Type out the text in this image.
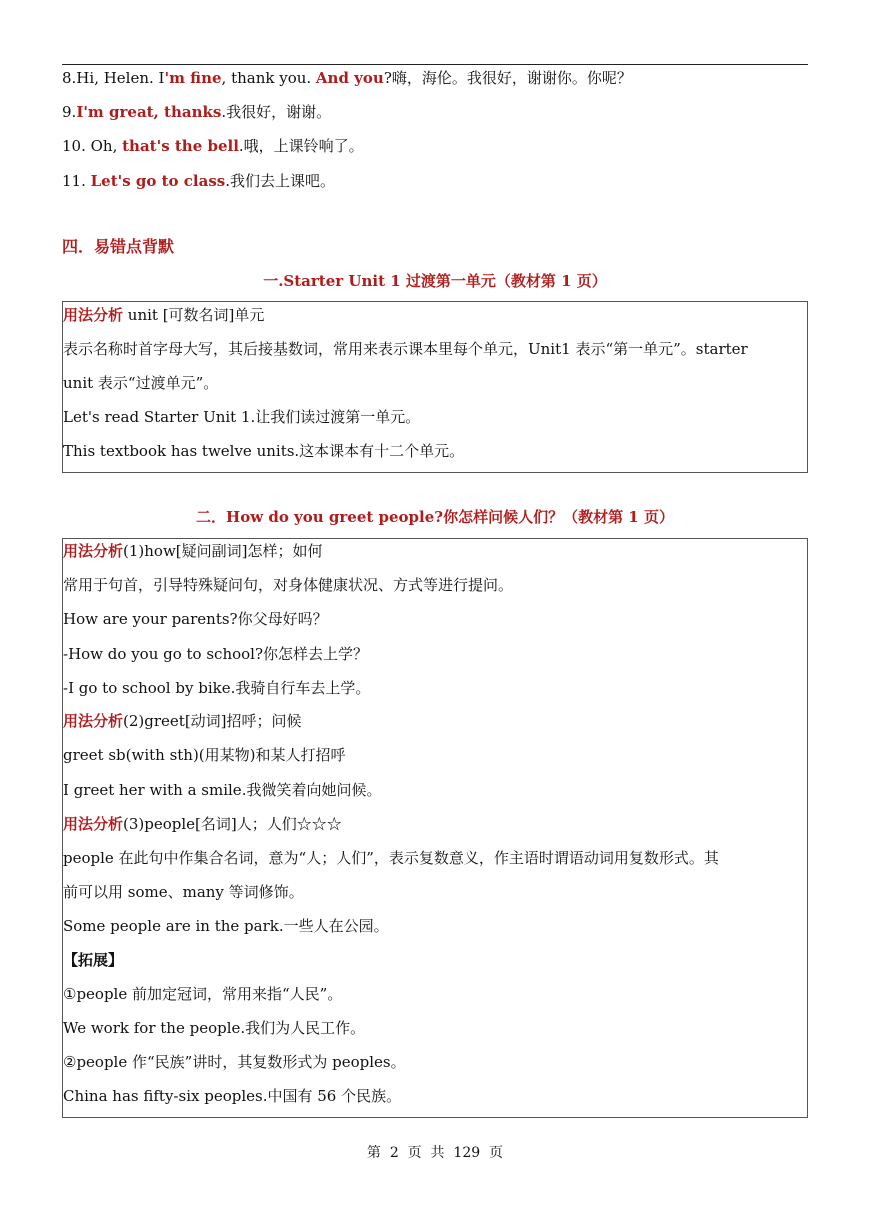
8.Hi, Helen. I'm fine, thank you. And you?嗨，海伦。我很好，谢谢你。你呢？
9.I'm great, thanks.我很好，谢谢。
10. Oh, that's the bell.哦，上课铃响了。
11. Let's go to class.我们去上课吧。
四．易错点背默
一.Starter Unit 1 过渡第一单元（教材第 1 页）
用法分析 unit [可数名词]单元
表示名称时首字母大写，其后接基数词，常用来表示课本里每个单元，Unit1 表示“第一单元”。starter
unit 表示“过渡单元”。
Let's read Starter Unit 1.让我们读过渡第一单元。
This textbook has twelve units.这本课本有十二个单元。
二．How do you greet people?你怎样问候人们？（教材第 1 页）
用法分析(1)how[疑问副词]怎样；如何
常用于句首，引导特殊疑问句，对身体健康状况、方式等进行提问。
How are your parents?你父母好吗？
-How do you go to school?你怎样去上学？
-I go to school by bike.我骑自行车去上学。
用法分析(2)greet[动词]招呼；问候
greet sb(with sth)(用某物)和某人打招呼
I greet her with a smile.我微笑着向她问候。
用法分析(3)people[名词]人；人们☆☆☆
people 在此句中作集合名词，意为“人；人们”，表示复数意义，作主语时谓语动词用复数形式。其
前可以用 some、many 等词修饰。
Some people are in the park.一些人在公园。
【拓展】
①people 前加定冠词，常用来指“人民”。
We work for the people.我们为人民工作。
②people 作“民族”讲时，其复数形式为 peoples。
China has fifty-six peoples.中国有 56 个民族。
第  2  页  共  129  页
